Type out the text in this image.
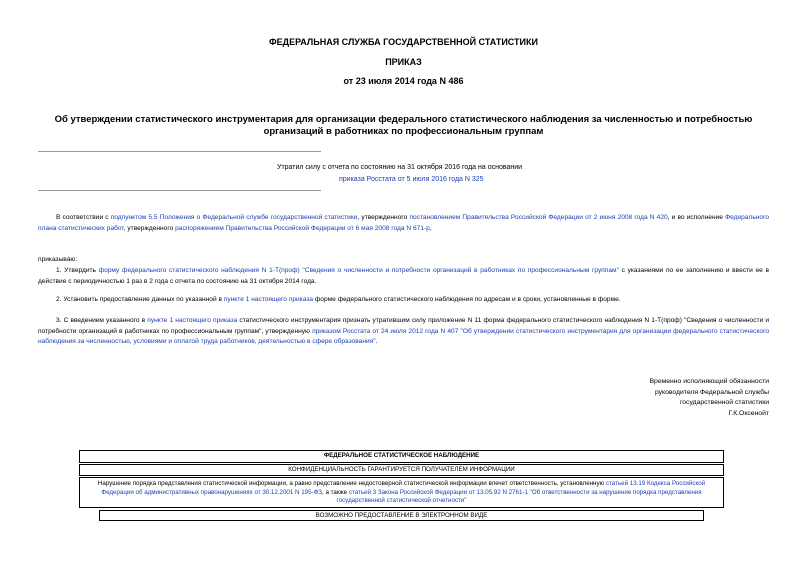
ФЕДЕРАЛЬНАЯ СЛУЖБА ГОСУДАРСТВЕННОЙ СТАТИСТИКИ
ПРИКАЗ
от 23 июля 2014 года N 486
Об утверждении статистического инструментария для организации федерального статистического наблюдения за численностью и потребностью организаций в работниках по профессиональным группам
Утратил силу с отчета по состоянию на 31 октября 2016 года на основании
приказа Росстата от 5 июля 2016 года N 325
В соответствии с подпунктом 5.5 Положения о Федеральной службе государственной статистики, утвержденного постановлением Правительства Российской Федерации от 2 июня 2008 года N 420, и во исполнение Федерального плана статистических работ, утвержденного распоряжением Правительства Российской Федерации от 6 мая 2008 года N 671-р,
приказываю:
1. Утвердить форму федерального статистического наблюдения N 1-Т(проф) "Сведения о численности и потребности организаций в работниках по профессиональным группам" с указаниями по ее заполнению и ввести ее в действие с периодичностью 1 раз в 2 года с отчета по состоянию на 31 октября 2014 года.
2. Установить предоставление данных по указанной в пункте 1 настоящего приказа форме федерального статистического наблюдения по адресам и в сроки, установленные в форме.
3. С введением указанного в пункте 1 настоящего приказа статистического инструментария признать утратившим силу приложение N 11 форма федерального статистического наблюдения N 1-Т(проф) "Сведения о численности и потребности организаций в работниках по профессиональным группам", утвержденную приказом Росстата от 24 июля 2012 года N 407 "Об утверждении статистического инструментария для организации федерального статистического наблюдения за численностью, условиями и оплатой труда работников, деятельностью в сфере образования".
Временно исполняющий обязанности
руководителя Федеральной службы
государственной статистики
Г.К.Оксенойт
ФЕДЕРАЛЬНОЕ СТАТИСТИЧЕСКОЕ НАБЛЮДЕНИЕ
КОНФИДЕНЦИАЛЬНОСТЬ ГАРАНТИРУЕТСЯ ПОЛУЧАТЕЛЕМ ИНФОРМАЦИИ
Нарушение порядка представления статистической информации, а равно представление недостоверной статистической информации влечет ответственность, установленную статьей 13.19 Кодекса Российской Федерации об административных правонарушениях от 30.12.2001 N 195-ФЗ, а также статьей 3 Закона Российской Федерации от 13.05.92 N 2761-1 "Об ответственности за нарушение порядка представления государственной статистической отчетности"
ВОЗМОЖНО ПРЕДОСТАВЛЕНИЕ В ЭЛЕКТРОННОМ ВИДЕ
